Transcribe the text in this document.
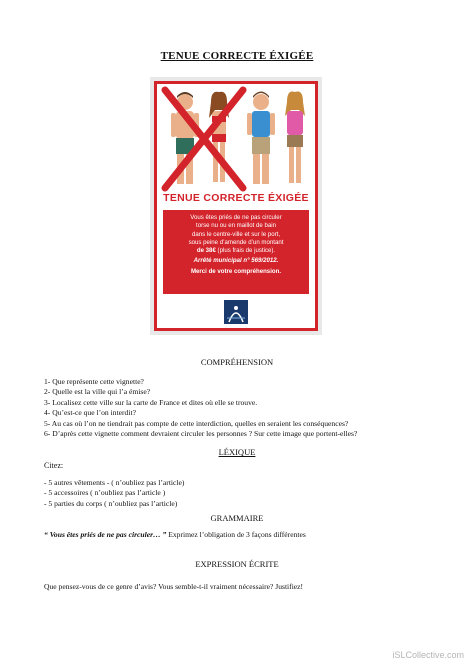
TENUE CORRECTE ÉXIGÉE
TENUE CORRECTE ÉXIGÉE
Vous êtes priés de ne pas circuler
torse nu ou en maillot de bain
dans le centre-ville et sur le port,
sous peine d’amende d’un montant
de 38€ (plus frais de justice).
Arrêté municipal n° 569/2012.
Merci de votre compréhension.
COMPRÉHENSION
1- Que représente cette vignette?
2- Quelle est la ville qui l’a émise?
3- Localisez cette ville sur la carte de France et dites où elle se trouve.
4- Qu’est-ce que l’on interdit?
5- Au cas où l’on ne tiendrait pas compte de cette interdiction, quelles en seraient les conséquences?
6- D’après cette vignette comment devraient circuler les personnes ? Sur cette image que portent-elles?
LÉXIQUE
Citez:
- 5 autres vêtements - ( n’oubliez pas l’article)
- 5 accessoires ( n’oubliez pas l’article )
- 5 parties du corps ( n’oubliez pas l’article)
GRAMMAIRE
“ Vous êtes priés de ne pas circuler… ” Exprimez l’obligation de 3 façons différentes
EXPRESSION ÉCRITE
Que pensez-vous de ce genre d’avis? Vous semble-t-il vraiment nécessaire? Justifiez!
iSLCollective.com
